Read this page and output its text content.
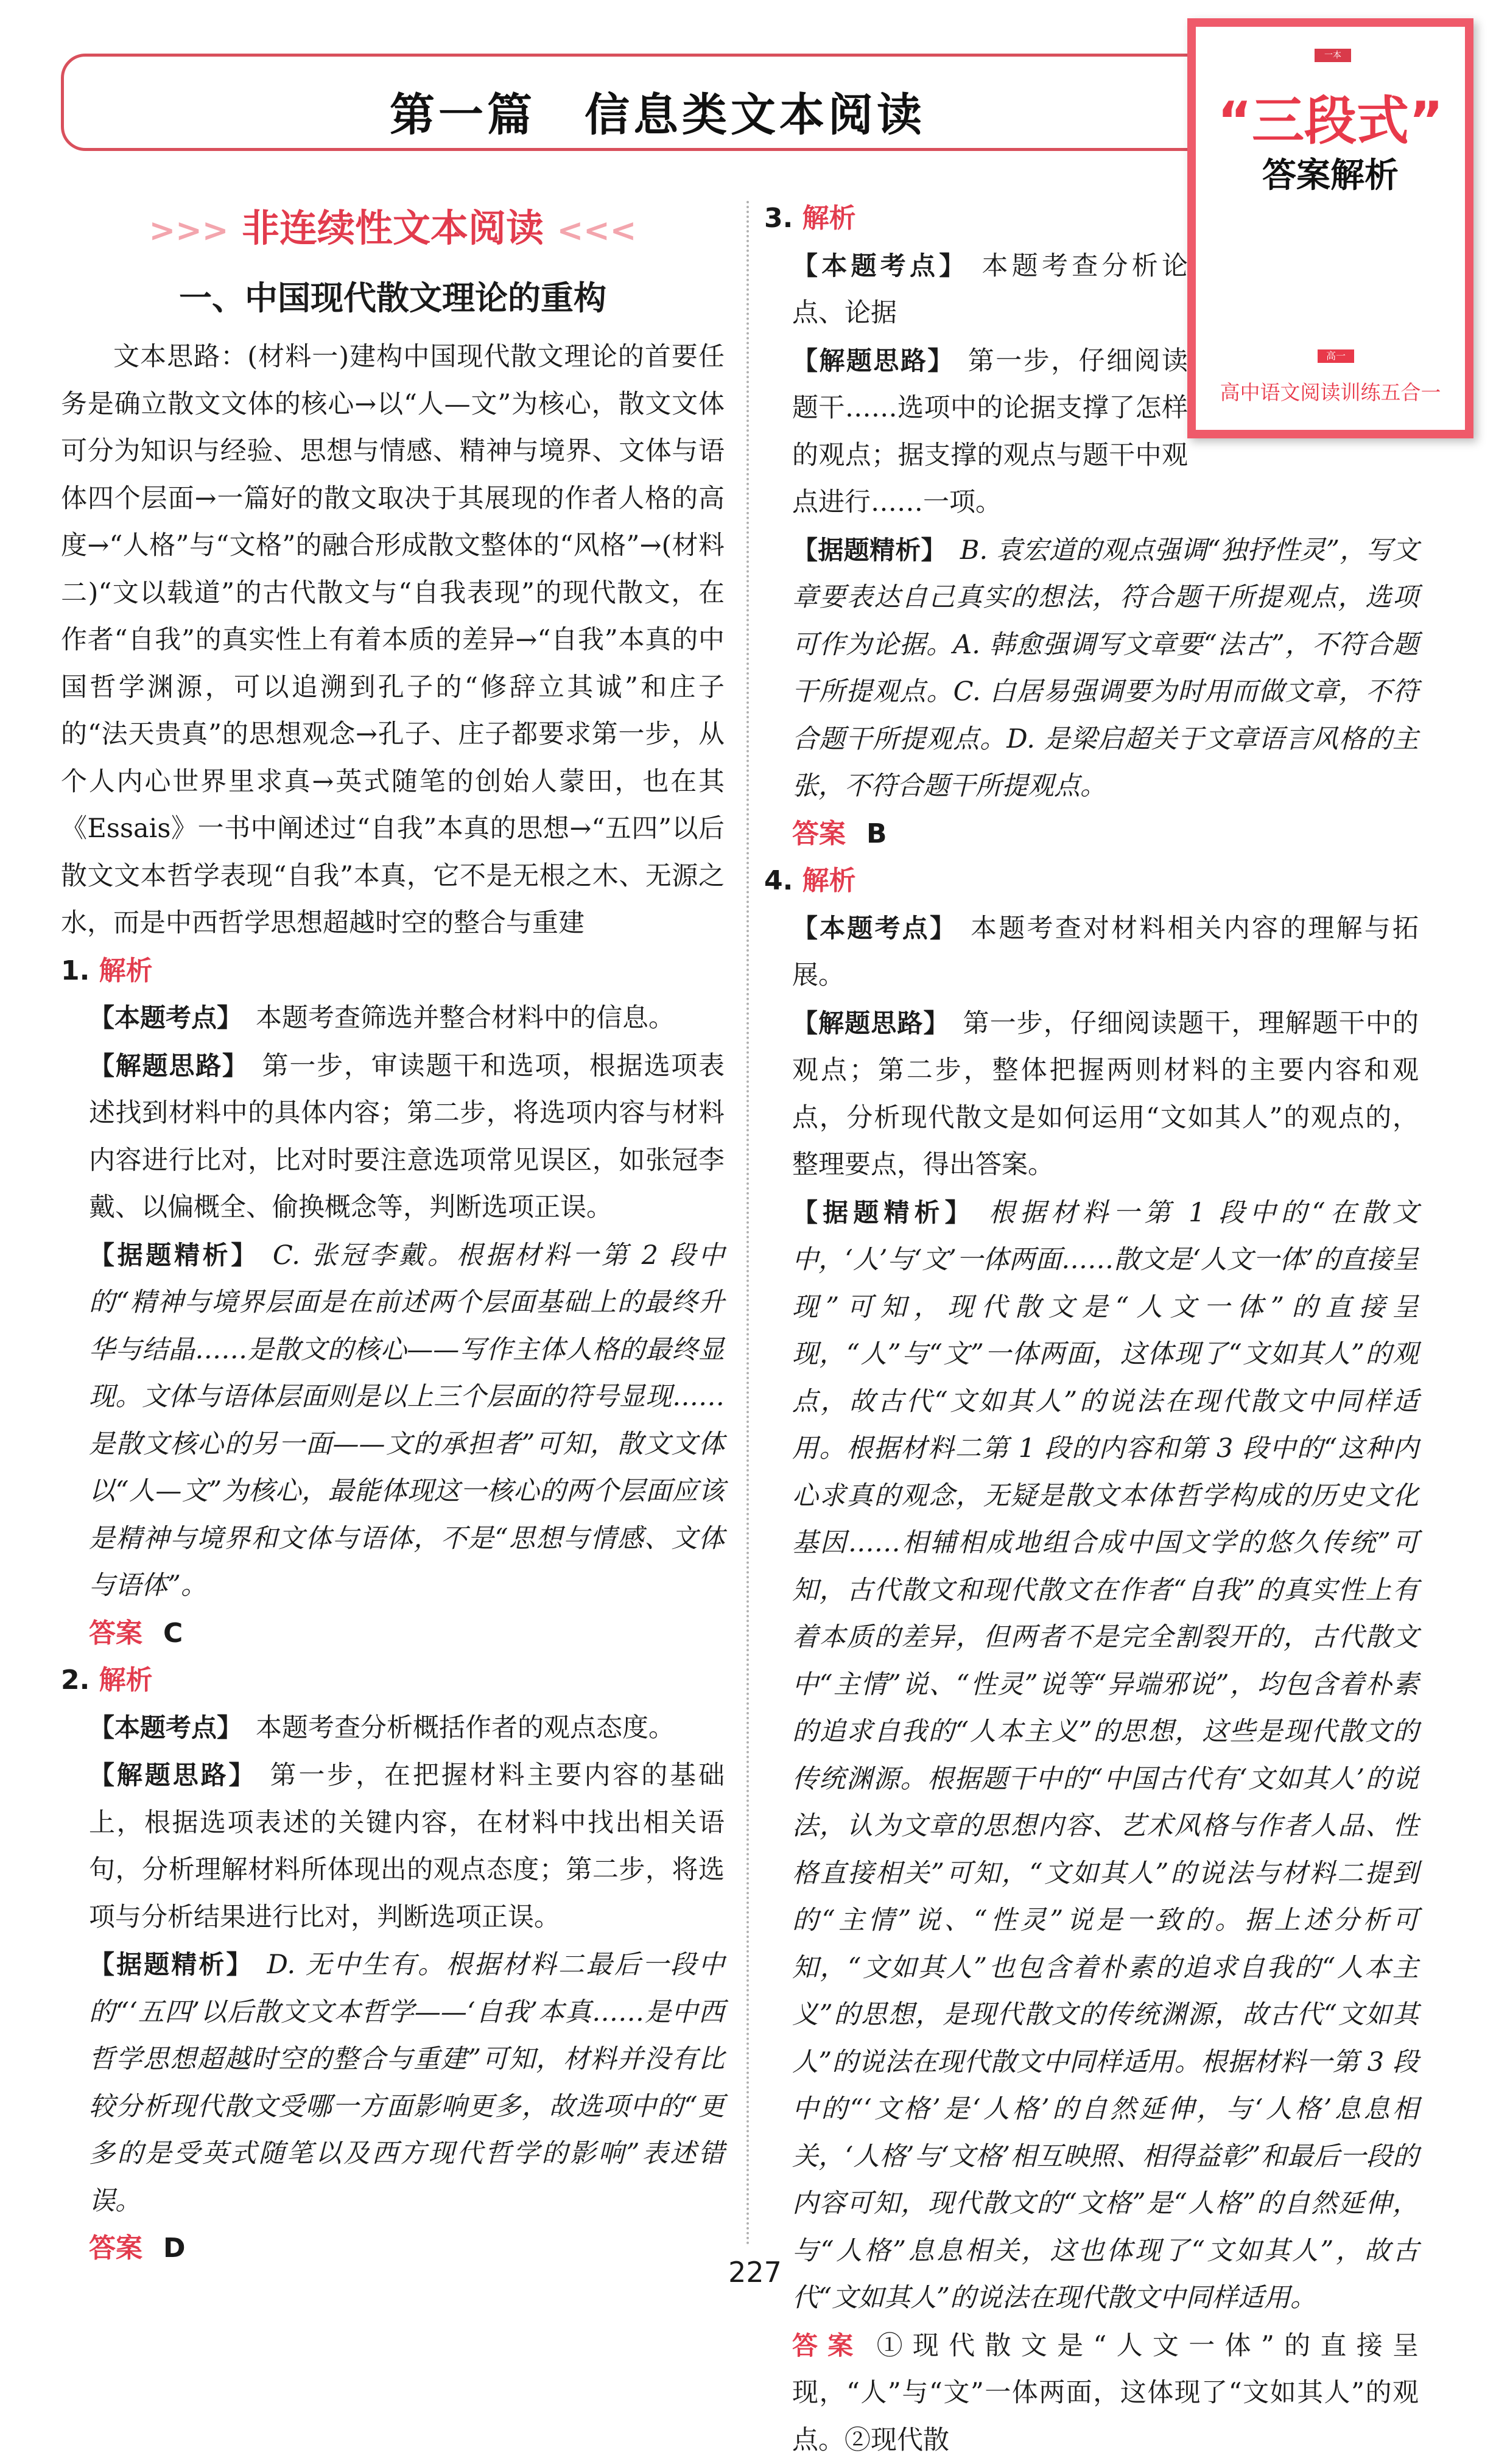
第一篇 信息类文本阅读
一本
“三段式”
答案解析
高一
高中语文阅读训练五合一
>>> 非连续性文本阅读 <<<
一、中国现代散文理论的重构

文本思路：(材料一)建构中国现代散文理论的首要任务是确立散文文体的核心→以“人—文”为核心，散文文体可分为知识与经验、思想与情感、精神与境界、文体与语体四个层面→一篇好的散文取决于其展现的作者人格的高度→“人格”与“文格”的融合形成散文整体的“风格”→(材料二)“文以载道”的古代散文与“自我表现”的现代散文，在作者“自我”的真实性上有着本质的差异→“自我”本真的中国哲学渊源，可以追溯到孔子的“修辞立其诚”和庄子的“法天贵真”的思想观念→孔子、庄子都要求第一步，从个人内心世界里求真→英式随笔的创始人蒙田，也在其《Essais》一书中阐述过“自我”本真的思想→“五四”以后散文文本哲学表现“自我”本真，它不是无根之木、无源之水，而是中西哲学思想超越时空的整合与重建

1. 解析
【本题考点】 本题考查筛选并整合材料中的信息。
【解题思路】 第一步，审读题干和选项，根据选项表述找到材料中的具体内容；第二步，将选项内容与材料内容进行比对，比对时要注意选项常见误区，如张冠李戴、以偏概全、偷换概念等，判断选项正误。
【据题精析】 C. 张冠李戴。根据材料一第 2 段中的“精神与境界层面是在前述两个层面基础上的最终升华与结晶……是散文的核心——写作主体人格的最终显现。文体与语体层面则是以上三个层面的符号显现……是散文核心的另一面——文的承担者”可知，散文文体以“人—文”为核心，最能体现这一核心的两个层面应该是精神与境界和文体与语体，不是“思想与情感、文体与语体”。
答案 C
2. 解析
【本题考点】 本题考查分析概括作者的观点态度。
【解题思路】 第一步，在把握材料主要内容的基础上，根据选项表述的关键内容，在材料中找出相关语句，分析理解材料所体现出的观点态度；第二步，将选项与分析结果进行比对，判断选项正误。
【据题精析】 D. 无中生有。根据材料二最后一段中的“‘五四’以后散文文本哲学——‘自我’本真……是中西哲学思想超越时空的整合与重建”可知，材料并没有比较分析现代散文受哪一方面影响更多，故选项中的“更多的是受英式随笔以及西方现代哲学的影响”表述错误。
答案 D
3. 解析
【本题考点】 本题考查分析论点、论据
【解题思路】 第一步，仔细阅读题干……选项中的论据支撑了怎样的观点；据支撑的观点与题干中观点进行……一项。
【据题精析】 B. 袁宏道的观点强调“独抒性灵”，写文章要表达自己真实的想法，符合题干所提观点，选项可作为论据。A. 韩愈强调写文章要“法古”，不符合题干所提观点。C. 白居易强调要为时用而做文章，不符合题干所提观点。D. 是梁启超关于文章语言风格的主张，不符合题干所提观点。
答案 B
4. 解析
【本题考点】 本题考查对材料相关内容的理解与拓展。
【解题思路】 第一步，仔细阅读题干，理解题干中的观点；第二步，整体把握两则材料的主要内容和观点，分析现代散文是如何运用“文如其人”的观点的，整理要点，得出答案。
【据题精析】 根据材料一第 1 段中的“在散文中，‘人’与‘文’一体两面……散文是‘人文一体’的直接呈现”可知，现代散文是“人文一体”的直接呈现，“人”与“文”一体两面，这体现了“文如其人”的观点，故古代“文如其人”的说法在现代散文中同样适用。根据材料二第 1 段的内容和第 3 段中的“这种内心求真的观念，无疑是散文本体哲学构成的历史文化基因……相辅相成地组合成中国文学的悠久传统”可知，古代散文和现代散文在作者“自我”的真实性上有着本质的差异，但两者不是完全割裂开的，古代散文中“主情”说、“性灵”说等“异端邪说”，均包含着朴素的追求自我的“人本主义”的思想，这些是现代散文的传统渊源。根据题干中的“中国古代有‘文如其人’的说法，认为文章的思想内容、艺术风格与作者人品、性格直接相关”可知，“文如其人”的说法与材料二提到的“主情”说、“性灵”说是一致的。据上述分析可知，“文如其人”也包含着朴素的追求自我的“人本主义”的思想，是现代散文的传统渊源，故古代“文如其人”的说法在现代散文中同样适用。根据材料一第 3 段中的“‘文格’是‘人格’的自然延伸，与‘人格’息息相关，‘人格’与‘文格’相互映照、相得益彰”和最后一段的内容可知，现代散文的“文格”是“人格”的自然延伸，与“人格”息息相关，这也体现了“文如其人”，故古代“文如其人”的说法在现代散文中同样适用。
答案 ①现代散文是“人文一体”的直接呈现，“人”与“文”一体两面，这体现了“文如其人”的观点。②现代散
227
